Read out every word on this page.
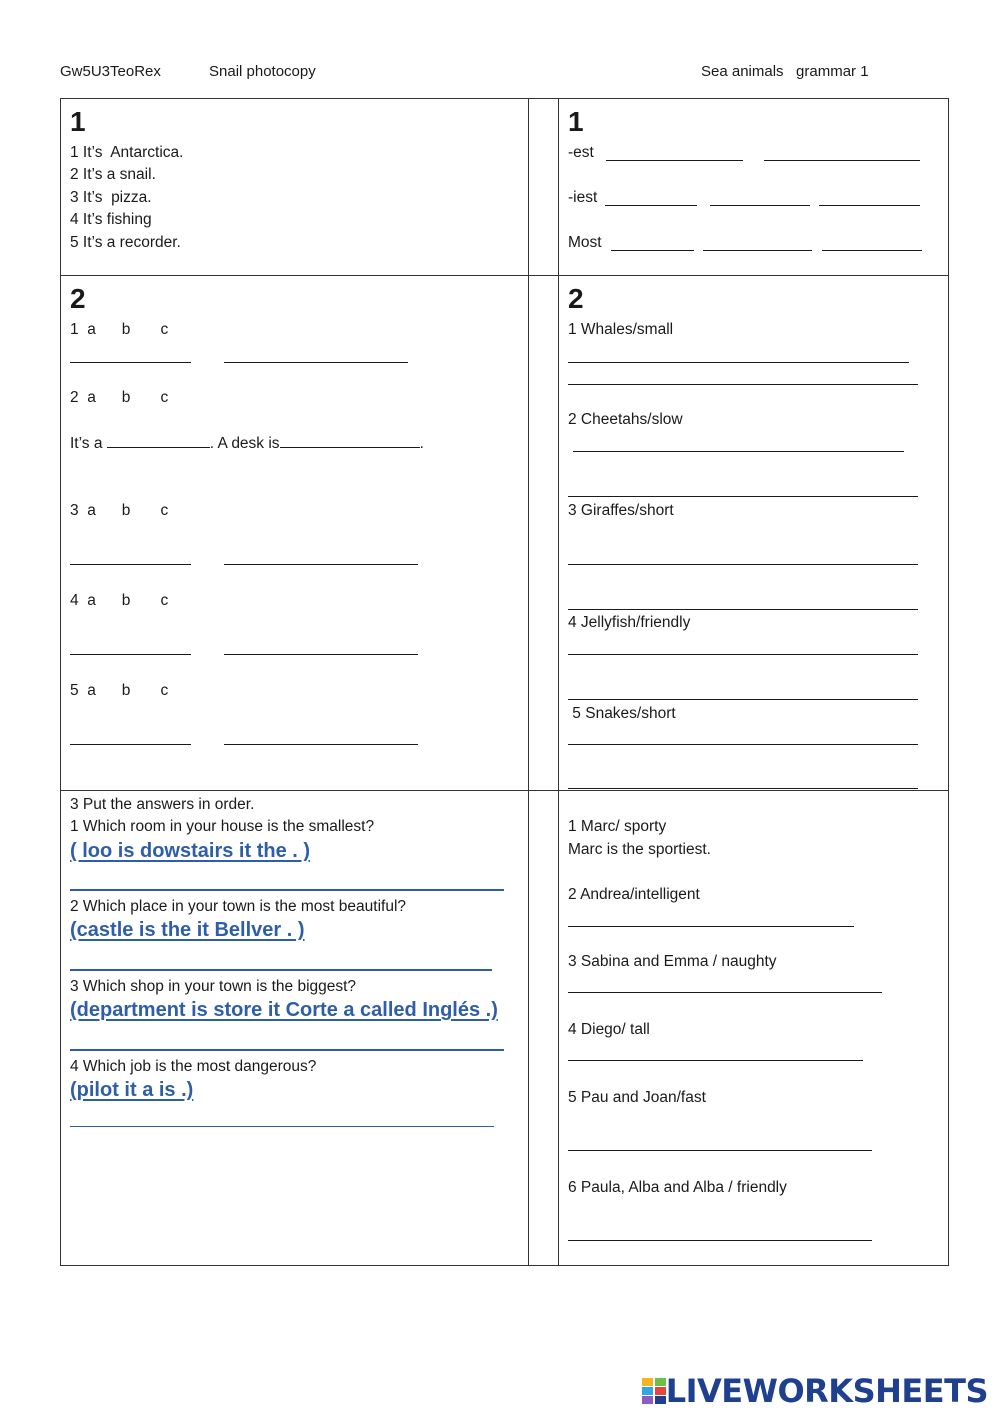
Gw5U3TeoRex	Snail photocopy	Sea animals   grammar 1
1
1 It’s  Antarctica.
2 It’s a snail.
3 It’s  pizza.
4 It’s fishing
5 It’s a recorder.
1
-est
-iest
Most
2
1  a      b       c
2  a      b       c
It’s a	. A desk is	.
3  a      b       c
4  a      b       c
5  a      b       c
2
1 Whales/small
2 Cheetahs/slow
3 Giraffes/short
4 Jellyfish/friendly
5 Snakes/short
3 Put the answers in order.
1 Which room in your house is the smallest?
( loo is dowstairs it the . )
2 Which place in your town is the most beautiful?
(castle is the it Bellver . )
3 Which shop in your town is the biggest?
(department is store it Corte a called Inglés .)
4 Which job is the most dangerous?
(pilot it a is .)
1 Marc/ sporty
Marc is the sportiest.
2 Andrea/intelligent
3 Sabina and Emma / naughty
4 Diego/ tall
5 Pau and Joan/fast
6 Paula, Alba and Alba / friendly
LIVEWORKSHEETS
